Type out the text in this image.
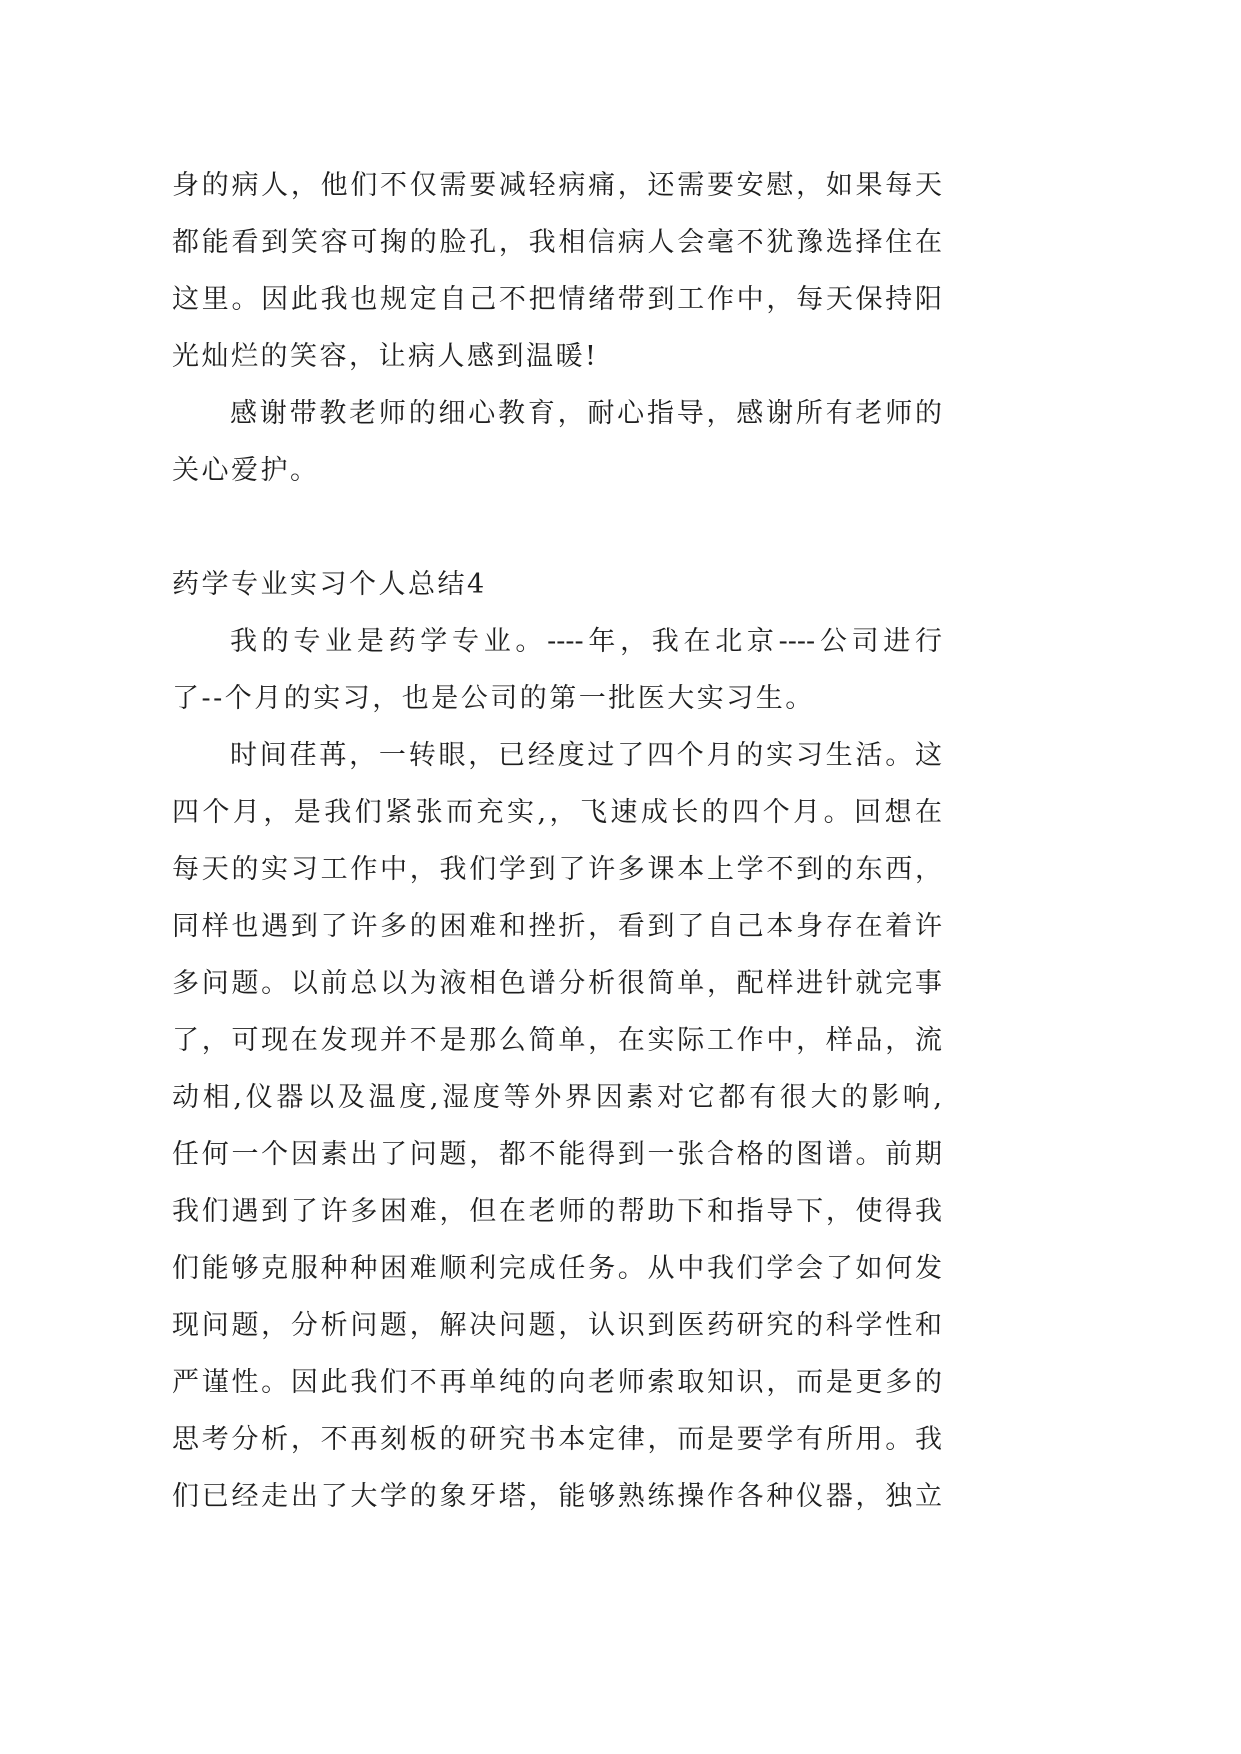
身的病人，他们不仅需要减轻病痛，还需要安慰，如果每天
都能看到笑容可掬的脸孔，我相信病人会毫不犹豫选择住在
这里。因此我也规定自己不把情绪带到工作中，每天保持阳
光灿烂的笑容，让病人感到温暖!
感谢带教老师的细心教育，耐心指导，感谢所有老师的
关心爱护。
药学专业实习个人总结4
我的专业是药学专业。----年，我在北京----公司进行
了--个月的实习，也是公司的第一批医大实习生。
时间荏苒，一转眼，已经度过了四个月的实习生活。这
四个月，是我们紧张而充实,，飞速成长的四个月。回想在
每天的实习工作中，我们学到了许多课本上学不到的东西，
同样也遇到了许多的困难和挫折，看到了自己本身存在着许
多问题。以前总以为液相色谱分析很简单，配样进针就完事
了，可现在发现并不是那么简单，在实际工作中，样品，流
动相,仪器以及温度,湿度等外界因素对它都有很大的影响,
任何一个因素出了问题，都不能得到一张合格的图谱。前期
我们遇到了许多困难，但在老师的帮助下和指导下，使得我
们能够克服种种困难顺利完成任务。从中我们学会了如何发
现问题，分析问题，解决问题，认识到医药研究的科学性和
严谨性。因此我们不再单纯的向老师索取知识，而是更多的
思考分析，不再刻板的研究书本定律，而是要学有所用。我
们已经走出了大学的象牙塔，能够熟练操作各种仪器，独立
